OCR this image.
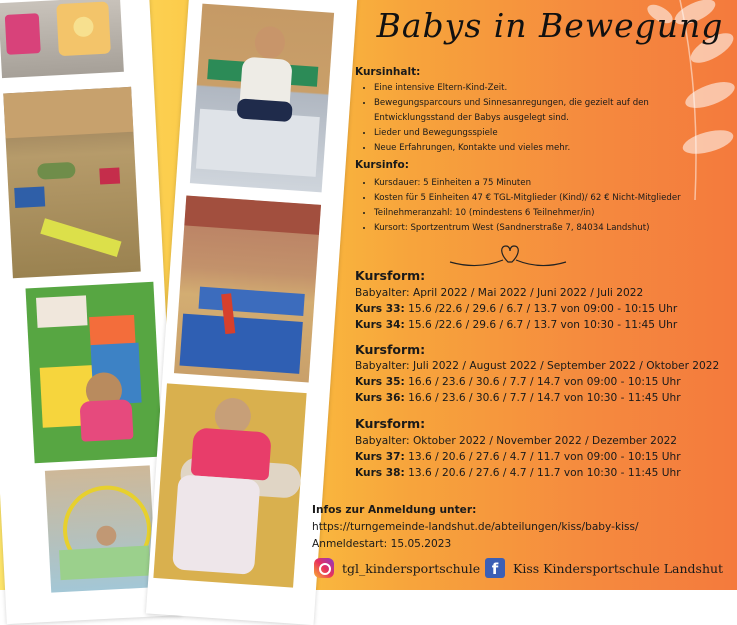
Babys in Bewegung
Kursinhalt:
• Eine intensive Eltern-Kind-Zeit.
• Bewegungsparcours und Sinnesanregungen, die gezielt auf den
Entwicklungsstand der Babys ausgelegt sind.
• Lieder und Bewegungsspiele
• Neue Erfahrungen, Kontakte und vieles mehr.
Kursinfo:
• Kursdauer: 5 Einheiten a 75 Minuten
• Kosten für 5 Einheiten 47 € TGL-Mitglieder (Kind)/ 62 € Nicht-Mitglieder
• Teilnehmeranzahl: 10 (mindestens 6 Teilnehmer/in)
• Kursort: Sportzentrum West (Sandnerstraße 7, 84034 Landshut)
Kursform:
Babyalter: April 2022 / Mai 2022 / Juni 2022 / Juli 2022
Kurs 33: 15.6 /22.6 / 29.6 / 6.7 / 13.7 von 09:00 - 10:15 Uhr
Kurs 34: 15.6 /22.6 / 29.6 / 6.7 / 13.7 von 10:30 - 11:45 Uhr
Kursform:
Babyalter: Juli 2022 / August 2022 / September 2022 / Oktober 2022
Kurs 35: 16.6 / 23.6 / 30.6 / 7.7 / 14.7 von 09:00 - 10:15 Uhr
Kurs 36: 16.6 / 23.6 / 30.6 / 7.7 / 14.7 von 10:30 - 11:45 Uhr
Kursform:
Babyalter: Oktober 2022 / November 2022 / Dezember 2022
Kurs 37: 13.6 / 20.6 / 27.6 / 4.7 / 11.7 von 09:00 - 10:15 Uhr
Kurs 38: 13.6 / 20.6 / 27.6 / 4.7 / 11.7 von 10:30 - 11:45 Uhr
Infos zur Anmeldung unter:
https://turngemeinde-landshut.de/abteilungen/kiss/baby-kiss/
Anmeldestart: 15.05.2023
tgl_kindersportschule f	Kiss Kindersportschule Landshut
